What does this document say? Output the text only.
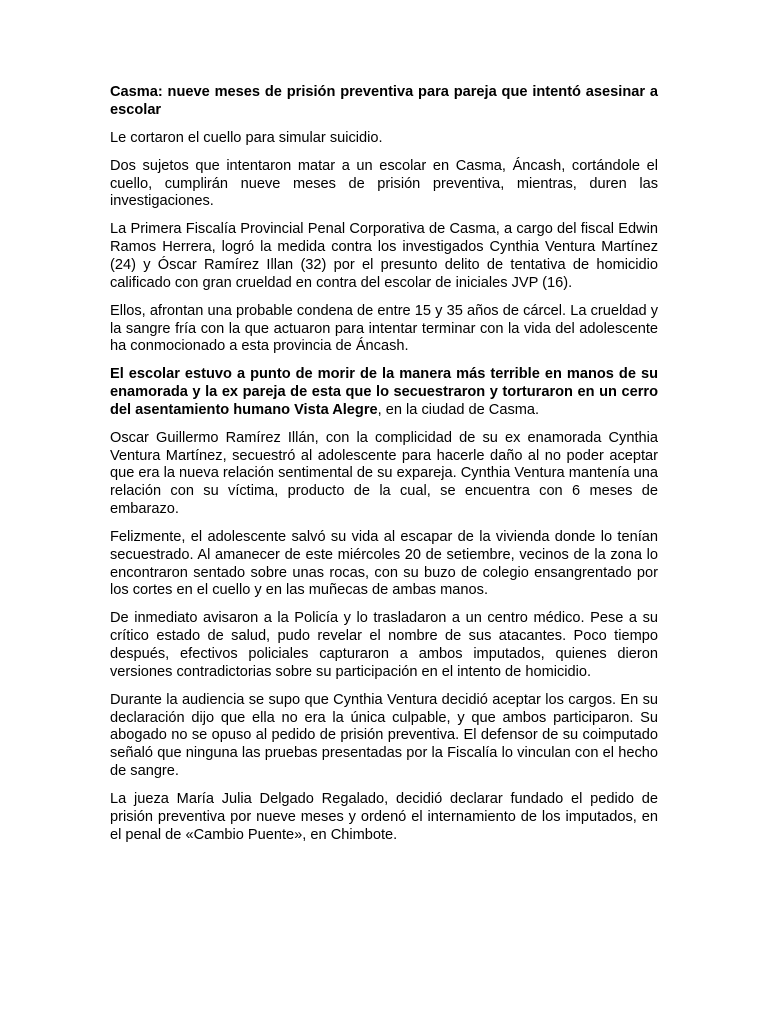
Casma: nueve meses de prisión preventiva para pareja que intentó asesinar a escolar

Le cortaron el cuello para simular suicidio.

Dos sujetos que intentaron matar a un escolar en Casma, Áncash, cortándole el cuello, cumplirán nueve meses de prisión preventiva, mientras, duren las investigaciones.

La Primera Fiscalía Provincial Penal Corporativa de Casma, a cargo del fiscal Edwin Ramos Herrera, logró la medida contra los investigados Cynthia Ventura Martínez (24) y Óscar Ramírez Illan (32) por el presunto delito de tentativa de homicidio calificado con gran crueldad en contra del escolar de iniciales JVP (16).

Ellos, afrontan una probable condena de entre 15 y 35 años de cárcel. La crueldad y la sangre fría con la que actuaron para intentar terminar con la vida del adolescente ha conmocionado a esta provincia de Áncash.

El escolar estuvo a punto de morir de la manera más terrible en manos de su enamorada y la ex pareja de esta que lo secuestraron y torturaron en un cerro del asentamiento humano Vista Alegre, en la ciudad de Casma.

Oscar Guillermo Ramírez Illán, con la complicidad de su ex enamorada Cynthia Ventura Martínez, secuestró al adolescente para hacerle daño al no poder aceptar que era la nueva relación sentimental de su expareja. Cynthia Ventura mantenía una relación con su víctima, producto de la cual, se encuentra con 6 meses de embarazo.

Felizmente, el adolescente salvó su vida al escapar de la vivienda donde lo tenían secuestrado. Al amanecer de este miércoles 20 de setiembre, vecinos de la zona lo encontraron sentado sobre unas rocas, con su buzo de colegio ensangrentado por los cortes en el cuello y en las muñecas de ambas manos.

De inmediato avisaron a la Policía y lo trasladaron a un centro médico. Pese a su crítico estado de salud, pudo revelar el nombre de sus atacantes. Poco tiempo después, efectivos policiales capturaron a ambos imputados, quienes dieron versiones contradictorias sobre su participación en el intento de homicidio.

Durante la audiencia se supo que Cynthia Ventura decidió aceptar los cargos. En su declaración dijo que ella no era la única culpable, y que ambos participaron. Su abogado no se opuso al pedido de prisión preventiva. El defensor de su coimputado señaló que ninguna las pruebas presentadas por la Fiscalía lo vinculan con el hecho de sangre.

La jueza María Julia Delgado Regalado, decidió declarar fundado el pedido de prisión preventiva por nueve meses y ordenó el internamiento de los imputados, en el penal de «Cambio Puente», en Chimbote.
